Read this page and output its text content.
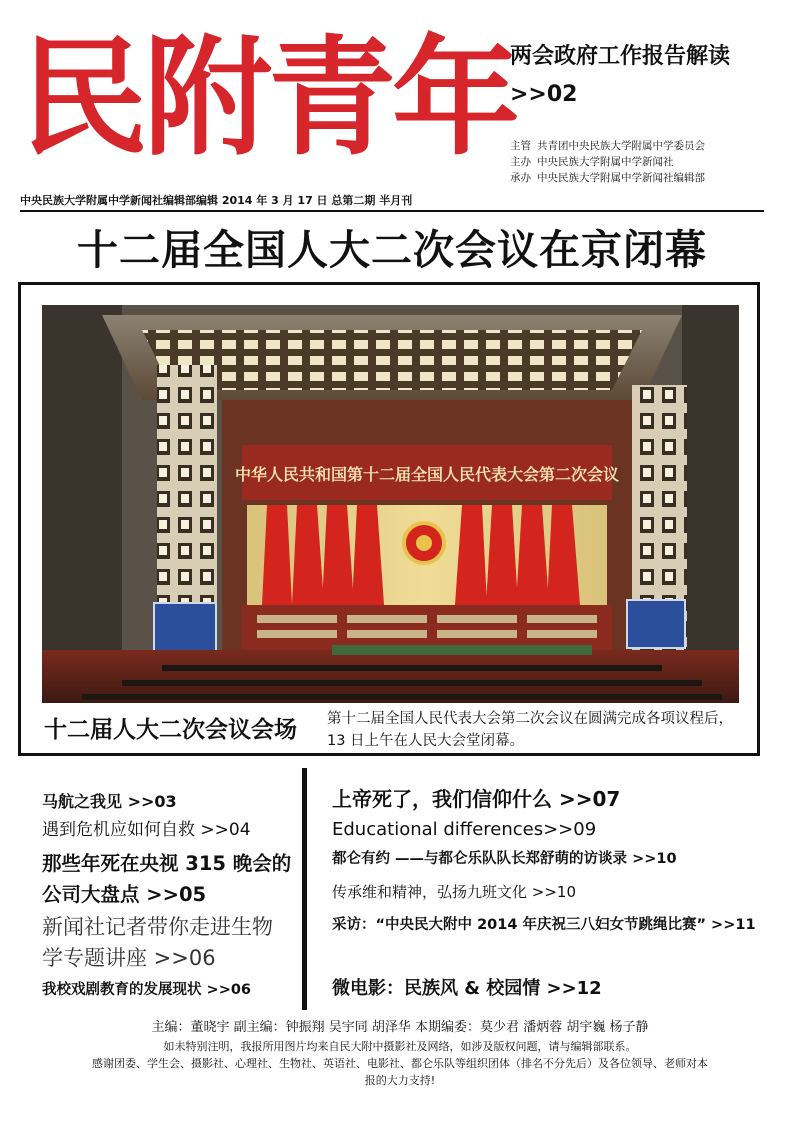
民附青年
两会政府工作报告解读 >>02
主管 共青团中央民族大学附属中学委员会
主办 中央民族大学附属中学新闻社
承办 中央民族大学附属中学新闻社编辑部
中央民族大学附属中学新闻社编辑部编辑 2014 年 3 月 17 日 总第二期 半月刊
十二届全国人大二次会议在京闭幕
中华人民共和国第十二届全国人民代表大会第二次会议
十二届人大二次会议会场	第十二届全国人民代表大会第二次会议在圆满完成各项议程后，13 日上午在人民大会堂闭幕。
马航之我见 >>03
遇到危机应如何自救 >>04
那些年死在央视 315 晚会的公司大盘点 >>05
新闻社记者带你走进生物学专题讲座 >>06
我校戏剧教育的发展现状 >>06
上帝死了，我们信仰什么 >>07
Educational differences>>09
都仑有约 ——与都仑乐队队长郑舒萌的访谈录 >>10
传承维和精神，弘扬九班文化 >>10
采访：“中央民大附中 2014 年庆祝三八妇女节跳绳比赛” >>11
微电影：民族风 & 校园情 >>12
主编：董晓宇 副主编：钟振翔 吴宇同 胡泽华 本期编委：莫少君 潘炳蓉 胡宇巍 杨子静
如未特别注明，我报所用图片均来自民大附中摄影社及网络，如涉及版权问题，请与编辑部联系。
感谢团委、学生会、摄影社、心理社、生物社、英语社、电影社、都仑乐队等组织团体（排名不分先后）及各位领导、老师对本报的大力支持!
